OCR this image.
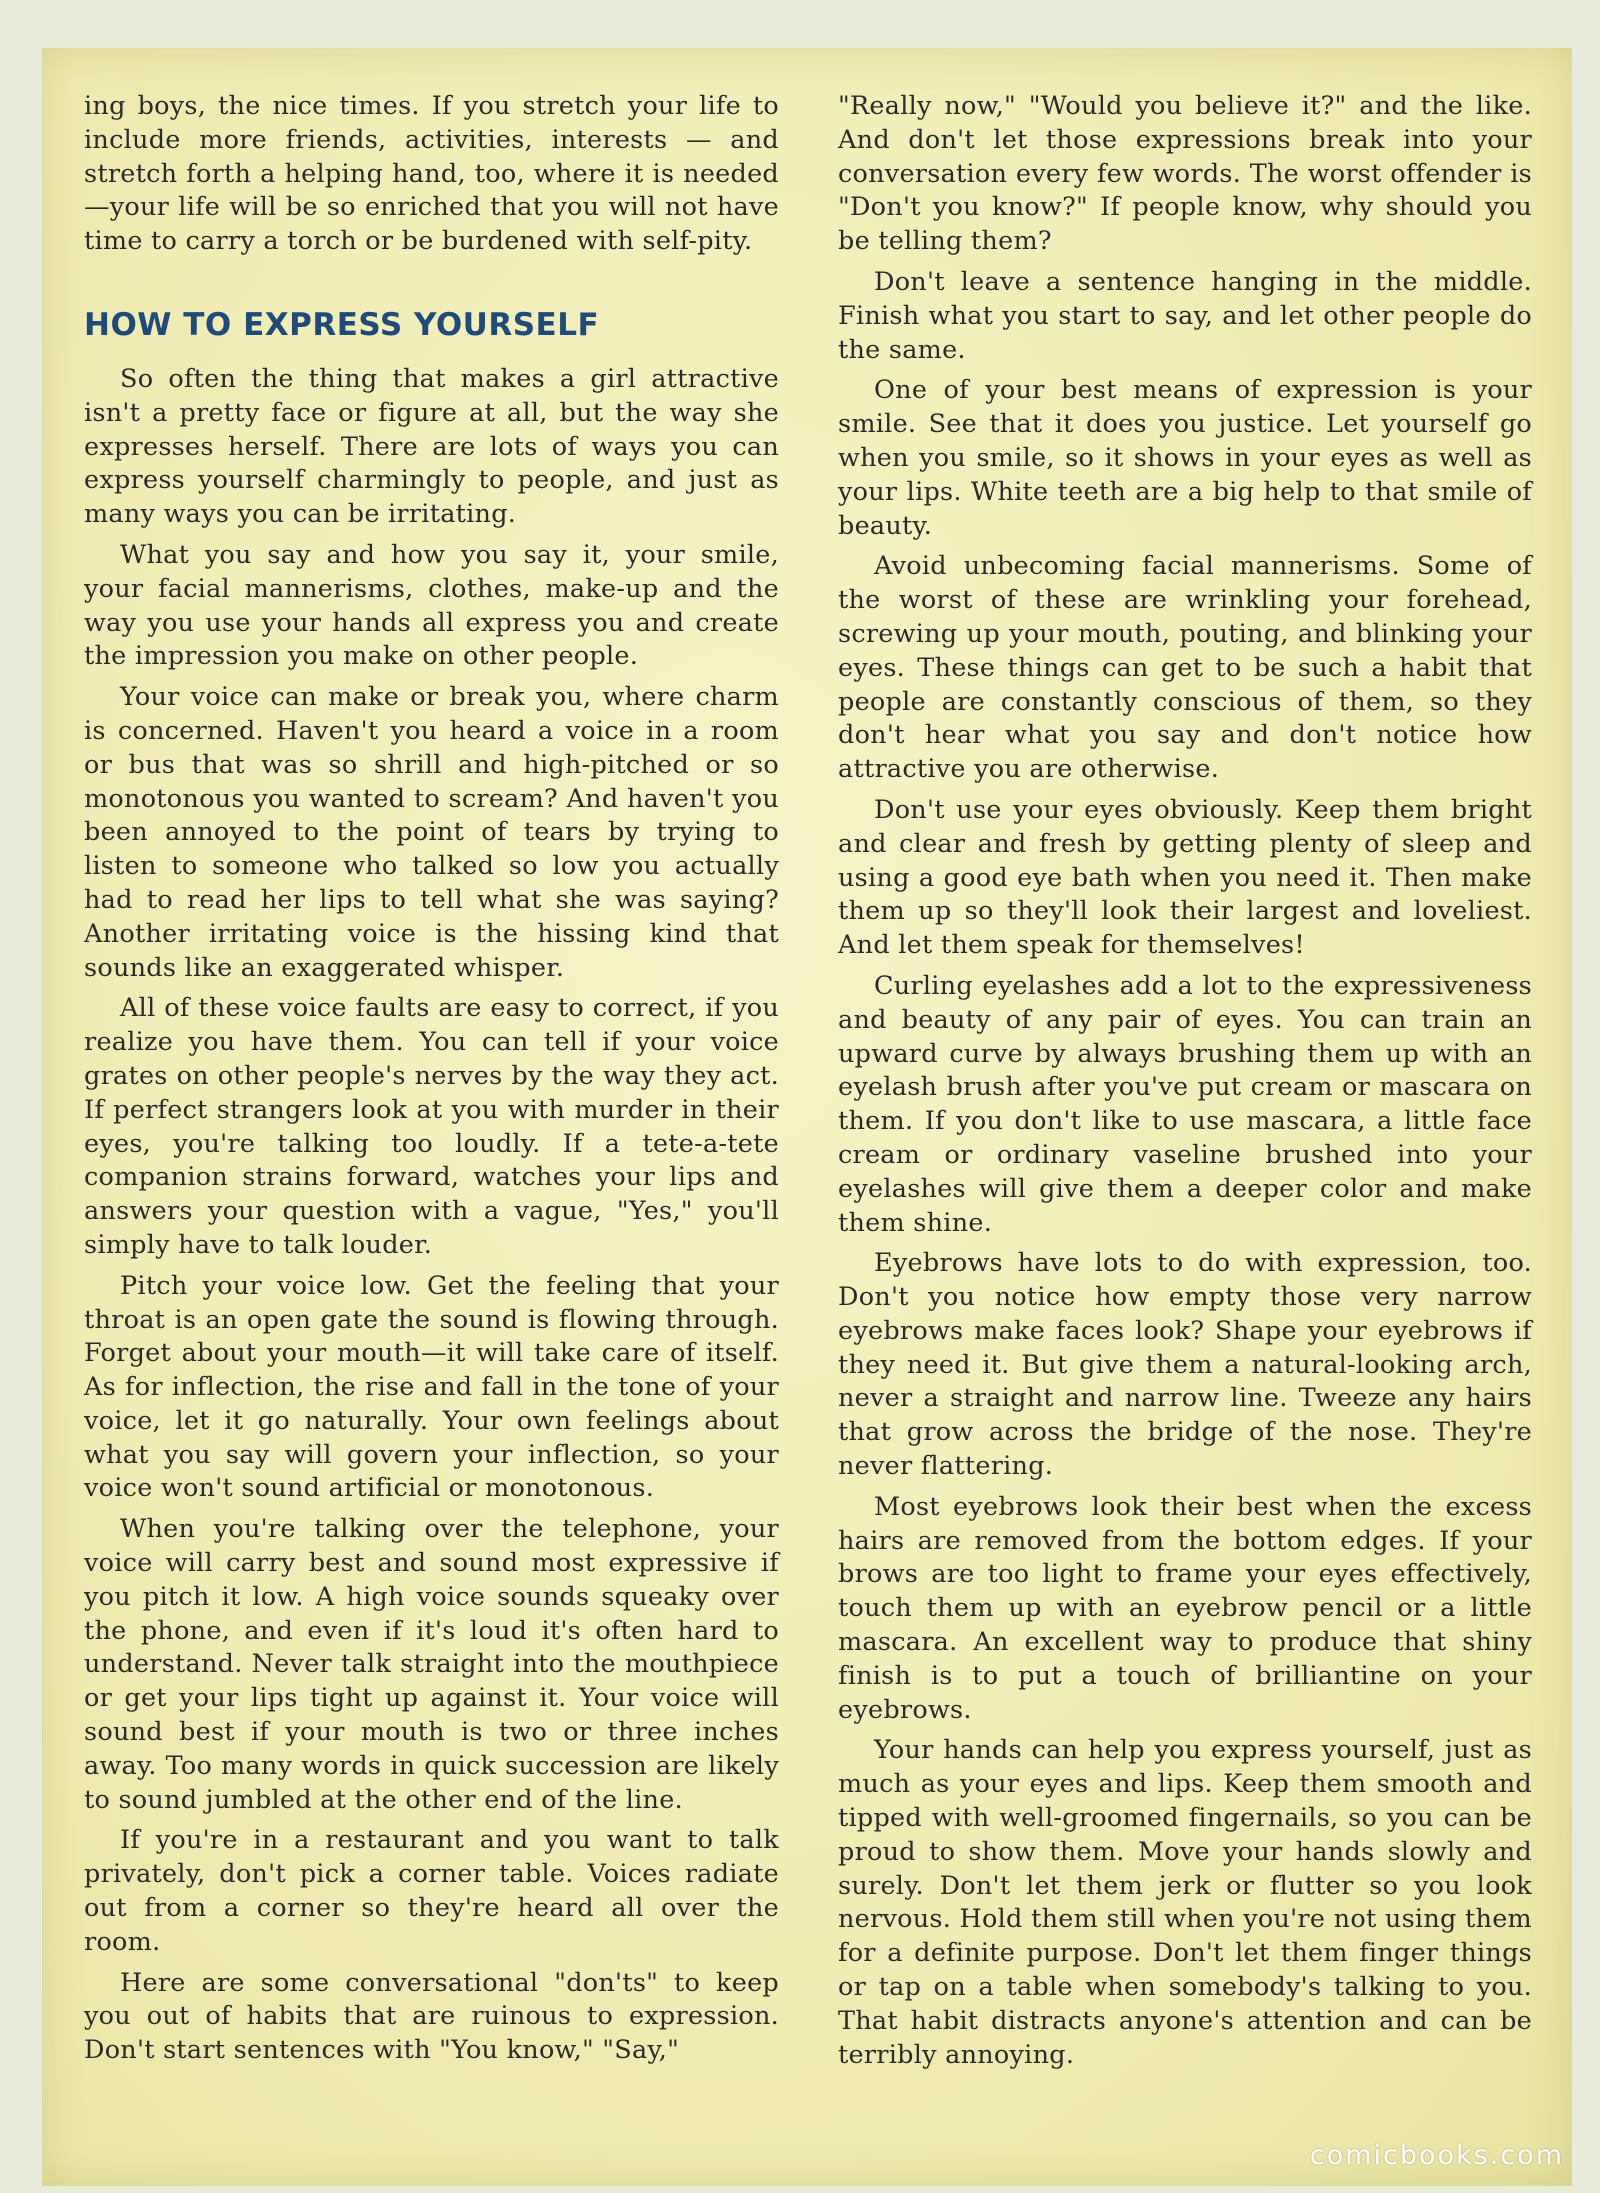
ing boys, the nice times. If you stretch your life to include more friends, activities, interests — and stretch forth a helping hand, too, where it is needed —your life will be so enriched that you will not have time to carry a torch or be burdened with self-pity.

HOW TO EXPRESS YOURSELF

So often the thing that makes a girl attractive isn't a pretty face or figure at all, but the way she expresses herself. There are lots of ways you can express yourself charmingly to people, and just as many ways you can be irritating.

What you say and how you say it, your smile, your facial mannerisms, clothes, make-up and the way you use your hands all express you and create the impression you make on other people.

Your voice can make or break you, where charm is concerned. Haven't you heard a voice in a room or bus that was so shrill and high-pitched or so monotonous you wanted to scream? And haven't you been annoyed to the point of tears by trying to listen to someone who talked so low you actually had to read her lips to tell what she was saying? Another irritating voice is the hissing kind that sounds like an exaggerated whisper.

All of these voice faults are easy to correct, if you realize you have them. You can tell if your voice grates on other people's nerves by the way they act. If perfect strangers look at you with murder in their eyes, you're talking too loudly. If a tete-a-tete companion strains forward, watches your lips and answers your question with a vague, "Yes," you'll simply have to talk louder.

Pitch your voice low. Get the feeling that your throat is an open gate the sound is flowing through. Forget about your mouth—it will take care of itself. As for inflection, the rise and fall in the tone of your voice, let it go naturally. Your own feelings about what you say will govern your inflection, so your voice won't sound artificial or monotonous.

When you're talking over the telephone, your voice will carry best and sound most expressive if you pitch it low. A high voice sounds squeaky over the phone, and even if it's loud it's often hard to understand. Never talk straight into the mouthpiece or get your lips tight up against it. Your voice will sound best if your mouth is two or three inches away. Too many words in quick succession are likely to sound jumbled at the other end of the line.

If you're in a restaurant and you want to talk privately, don't pick a corner table. Voices radiate out from a corner so they're heard all over the room.

Here are some conversational "don'ts" to keep you out of habits that are ruinous to expression. Don't start sentences with "You know," "Say,"

"Really now," "Would you believe it?" and the like. And don't let those expressions break into your conversation every few words. The worst offender is "Don't you know?" If people know, why should you be telling them?

Don't leave a sentence hanging in the middle. Finish what you start to say, and let other people do the same.

One of your best means of expression is your smile. See that it does you justice. Let yourself go when you smile, so it shows in your eyes as well as your lips. White teeth are a big help to that smile of beauty.

Avoid unbecoming facial mannerisms. Some of the worst of these are wrinkling your forehead, screwing up your mouth, pouting, and blinking your eyes. These things can get to be such a habit that people are constantly conscious of them, so they don't hear what you say and don't notice how attractive you are otherwise.

Don't use your eyes obviously. Keep them bright and clear and fresh by getting plenty of sleep and using a good eye bath when you need it. Then make them up so they'll look their largest and loveliest. And let them speak for themselves!

Curling eyelashes add a lot to the expressiveness and beauty of any pair of eyes. You can train an upward curve by always brushing them up with an eyelash brush after you've put cream or mascara on them. If you don't like to use mascara, a little face cream or ordinary vaseline brushed into your eyelashes will give them a deeper color and make them shine.

Eyebrows have lots to do with expression, too. Don't you notice how empty those very narrow eyebrows make faces look? Shape your eyebrows if they need it. But give them a natural-looking arch, never a straight and narrow line. Tweeze any hairs that grow across the bridge of the nose. They're never flattering.

Most eyebrows look their best when the excess hairs are removed from the bottom edges. If your brows are too light to frame your eyes effectively, touch them up with an eyebrow pencil or a little mascara. An excellent way to produce that shiny finish is to put a touch of brilliantine on your eyebrows.

Your hands can help you express yourself, just as much as your eyes and lips. Keep them smooth and tipped with well-groomed fingernails, so you can be proud to show them. Move your hands slowly and surely. Don't let them jerk or flutter so you look nervous. Hold them still when you're not using them for a definite purpose. Don't let them finger things or tap on a table when somebody's talking to you. That habit distracts anyone's attention and can be terribly annoying.

comicbooks.com
